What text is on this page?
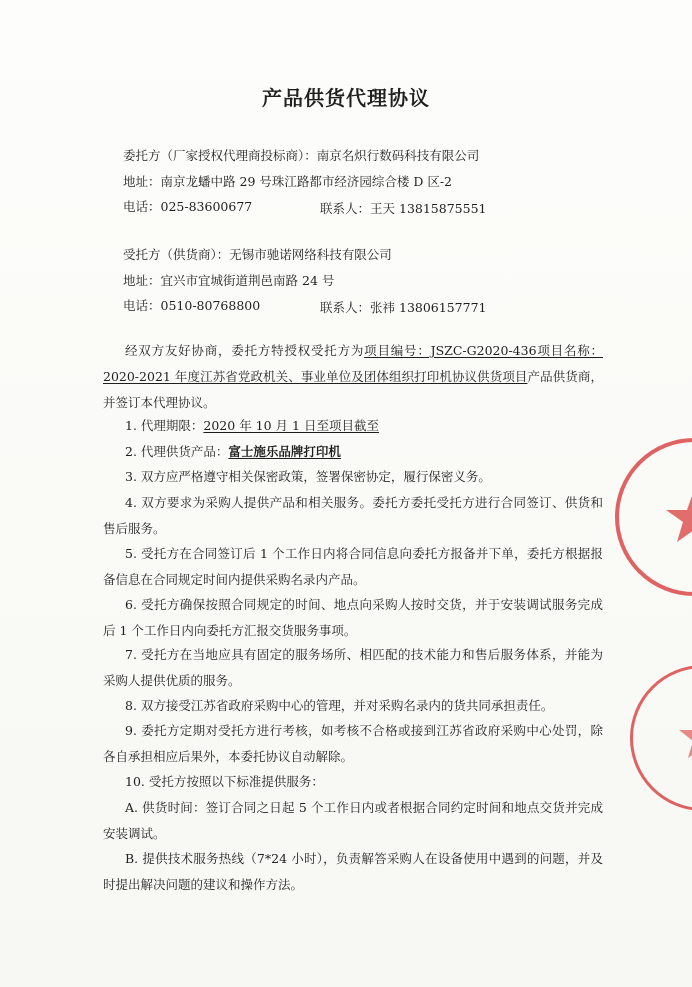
产品供货代理协议
委托方（厂家授权代理商投标商）：南京名炽行数码科技有限公司
地址：南京龙蟠中路 29 号珠江路都市经济园综合楼 D 区-2
电话：025-83600677	联系人：王天 13815875551
受托方（供货商）：无锡市驰诺网络科技有限公司
地址：宜兴市宜城街道荆邑南路 24 号
电话：0510-80768800	联系人：张祎 13806157771
经双方友好协商，委托方特授权受托方为项目编号：JSZC-G2020-436项目名称：2020-2021 年度江苏省党政机关、事业单位及团体组织打印机协议供货项目产品供货商，并签订本代理协议。
1. 代理期限：2020 年 10 月 1 日至项目截至
2. 代理供货产品：富士施乐品牌打印机
3. 双方应严格遵守相关保密政策，签署保密协定，履行保密义务。
4. 双方要求为采购人提供产品和相关服务。委托方委托受托方进行合同签订、供货和售后服务。
5. 受托方在合同签订后 1 个工作日内将合同信息向委托方报备并下单，委托方根据报备信息在合同规定时间内提供采购名录内产品。
6. 受托方确保按照合同规定的时间、地点向采购人按时交货，并于安装调试服务完成后 1 个工作日内向委托方汇报交货服务事项。
7. 受托方在当地应具有固定的服务场所、相匹配的技术能力和售后服务体系，并能为采购人提供优质的服务。
8. 双方接受江苏省政府采购中心的管理，并对采购名录内的货共同承担责任。
9. 委托方定期对受托方进行考核，如考核不合格或接到江苏省政府采购中心处罚，除各自承担相应后果外，本委托协议自动解除。
10. 受托方按照以下标准提供服务：
A. 供货时间：签订合同之日起 5 个工作日内或者根据合同约定时间和地点交货并完成安装调试。
B. 提供技术服务热线（7*24 小时），负责解答采购人在设备使用中遇到的问题，并及时提出解决问题的建议和操作方法。
